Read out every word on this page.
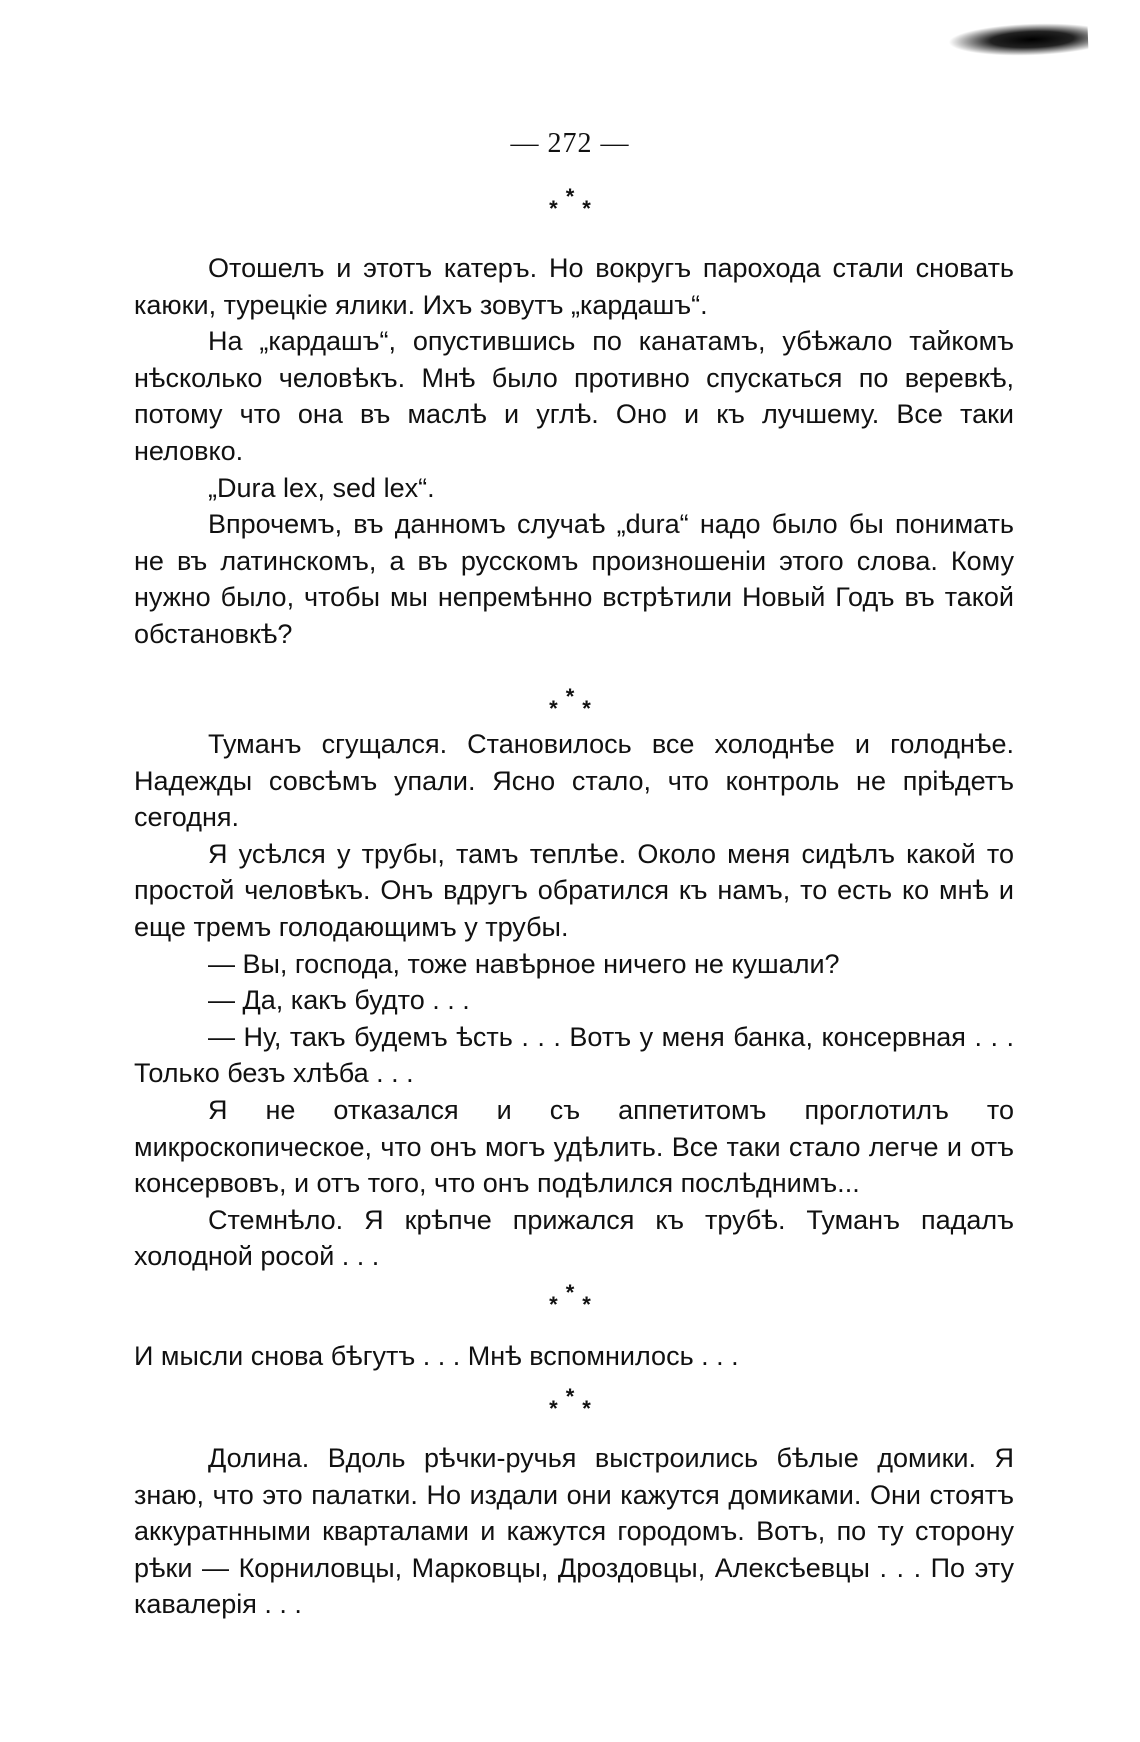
— 272 —
* * *

Отошелъ и этотъ катеръ. Но вокругъ парохода стали сновать каюки, турецкіе ялики. Ихъ зовутъ „кардашъ“.

На „кардашъ“, опустившись по канатамъ, убѣжало тайкомъ нѣсколько человѣкъ. Мнѣ было противно спускаться по веревкѣ, потому что она въ маслѣ и углѣ. Оно и къ лучшему. Все таки неловко.

„Dura lex, sed lex“.

Впрочемъ, въ данномъ случаѣ „dura“ надо было бы понимать не въ латинскомъ, а въ русскомъ произношеніи этого слова. Кому нужно было, чтобы мы непремѣнно встрѣтили Новый Годъ въ такой обстановкѣ?

* * *

Туманъ сгущался. Становилось все холоднѣе и голоднѣе. Надежды совсѣмъ упали. Ясно стало, что контроль не пріѣдетъ сегодня.

Я усѣлся у трубы, тамъ теплѣе. Около меня сидѣлъ какой то простой человѣкъ. Онъ вдругъ обратился къ намъ, то есть ко мнѣ и еще тремъ голодающимъ у трубы.

— Вы, господа, тоже навѣрное ничего не кушали?

— Да, какъ будто . . .

— Ну, такъ будемъ ѣсть . . . Вотъ у меня банка, консервная . . . Только безъ хлѣба . . .

Я не отказался и съ аппетитомъ проглотилъ то микроскопическое, что онъ могъ удѣлить. Все таки стало легче и отъ консервовъ, и отъ того, что онъ подѣлился послѣднимъ...

Стемнѣло. Я крѣпче прижался къ трубѣ. Туманъ падалъ холодной росой . . .

* * *

И мысли снова бѣгутъ . . . Мнѣ вспомнилось . . .

* * *

Долина. Вдоль рѣчки-ручья выстроились бѣлые домики. Я знаю, что это палатки. Но издали они кажутся домиками. Они стоятъ аккуратнными кварталами и кажутся городомъ. Вотъ, по ту сторону рѣки — Корниловцы, Марковцы, Дроздовцы, Алексѣевцы . . . По эту кавалерія . . .
